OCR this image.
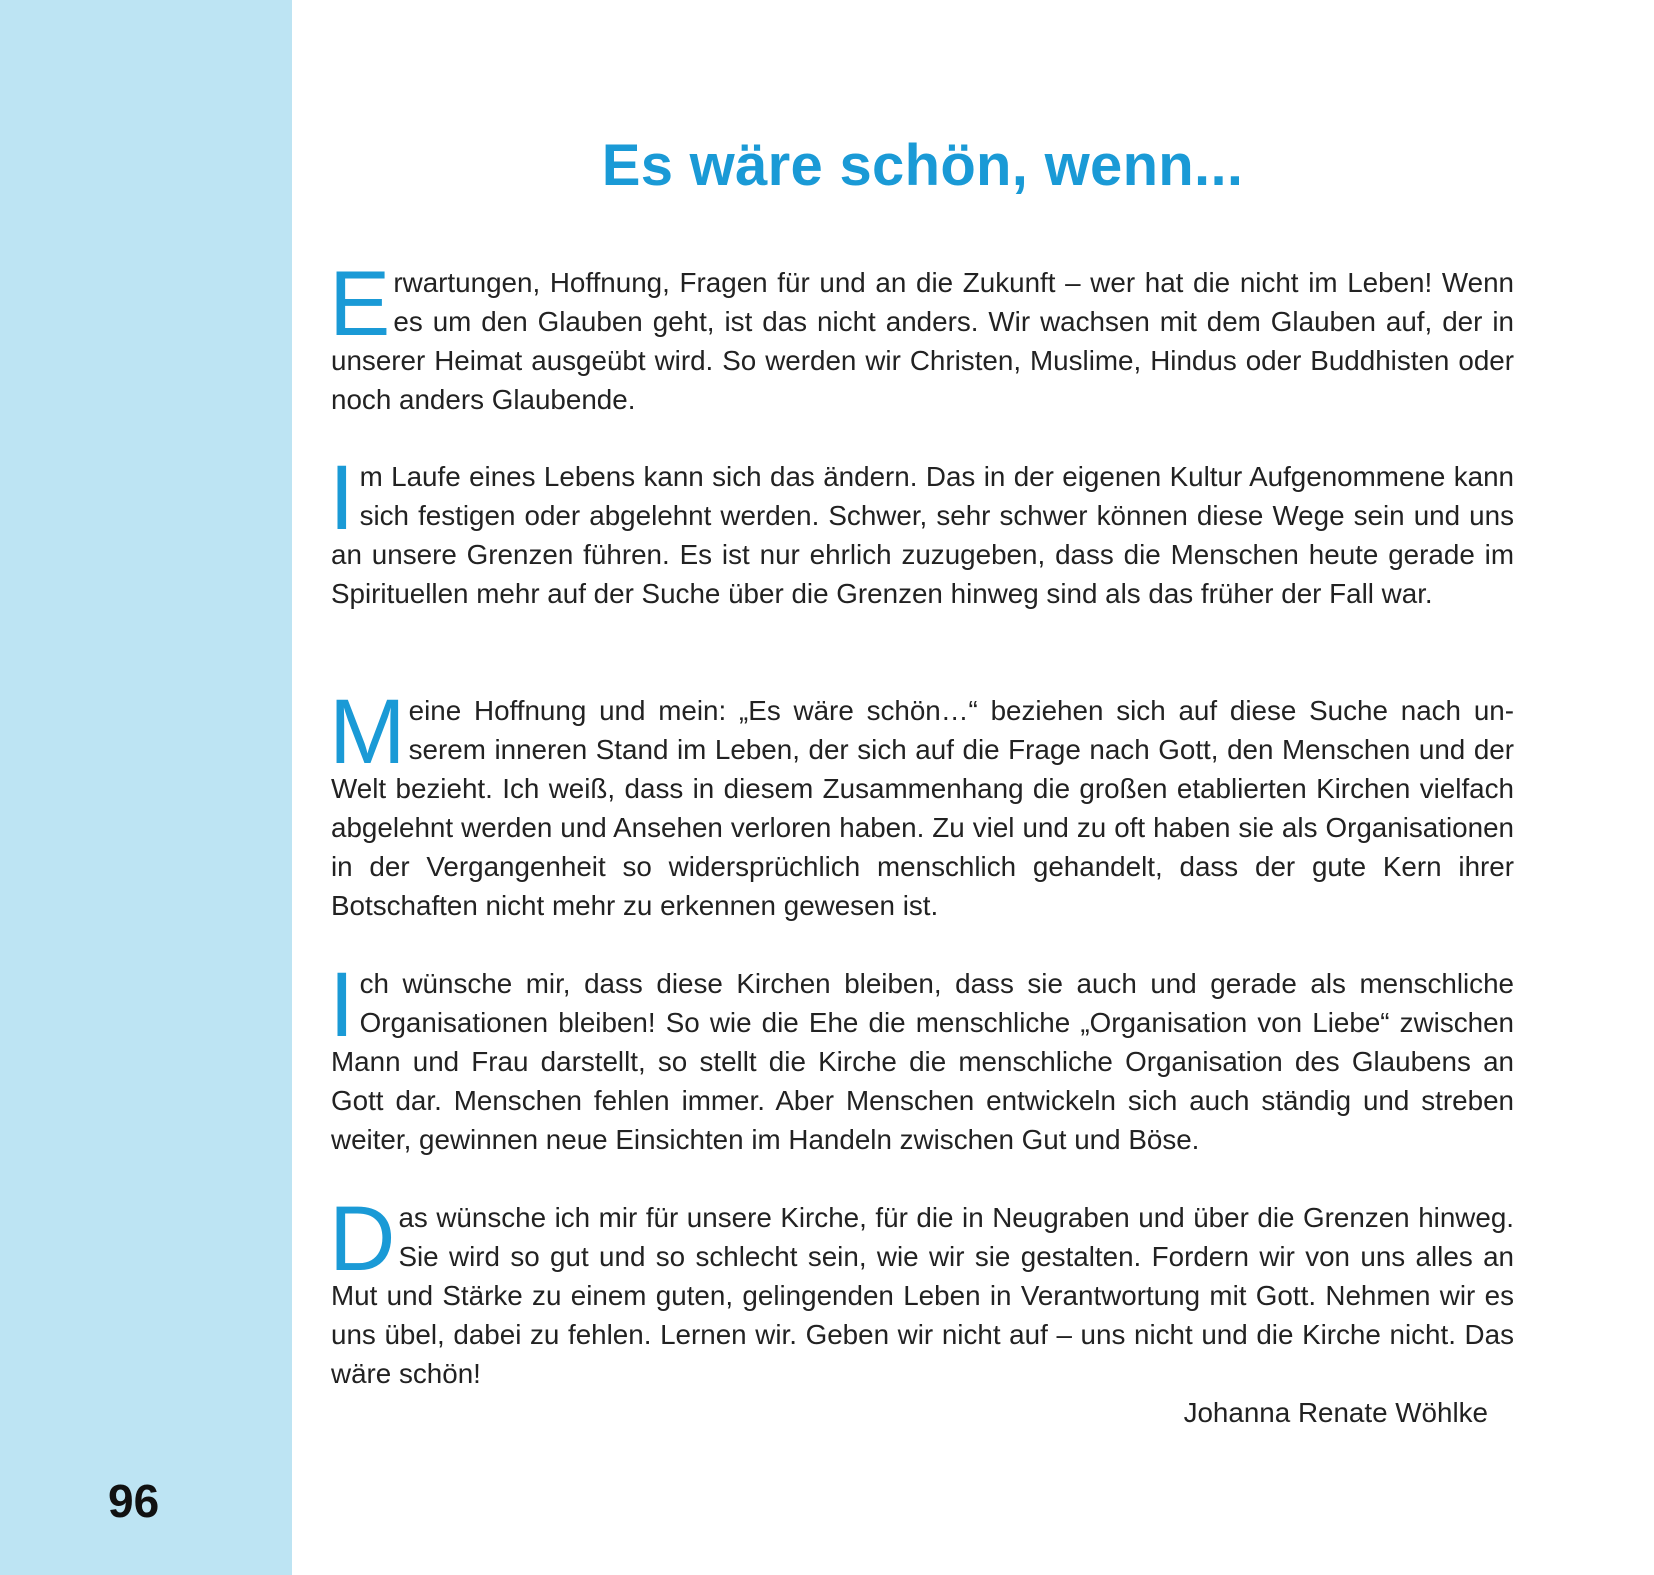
96
Es wäre schön, wenn...

Erwartungen, Hoffnung, Fragen für und an die Zukunft – wer hat die nicht im Leben! Wenn es um den Glauben geht, ist das nicht anders. Wir wachsen mit dem Glauben auf, der in unserer Heimat ausgeübt wird. So werden wir Christen, Muslime, Hindus oder Buddhisten oder noch anders Glaubende.

Im Laufe eines Lebens kann sich das ändern. Das in der eigenen Kultur Aufgenommene kann sich festigen oder abgelehnt werden. Schwer, sehr schwer können diese Wege sein und uns an unsere Grenzen führen. Es ist nur ehrlich zuzugeben, dass die Menschen heute gerade im Spirituellen mehr auf der Suche über die Grenzen hinweg sind als das früher der Fall war.

Meine Hoffnung und mein: „Es wäre schön…“ beziehen sich auf diese Suche nach unserem inneren Stand im Leben, der sich auf die Frage nach Gott, den Menschen und der Welt bezieht. Ich weiß, dass in diesem Zusammenhang die großen etablierten Kirchen vielfach abgelehnt werden und Ansehen verloren haben. Zu viel und zu oft haben sie als Organisationen in der Vergangenheit so widersprüchlich menschlich gehandelt, dass der gute Kern ihrer Botschaften nicht mehr zu erkennen gewesen ist.

Ich wünsche mir, dass diese Kirchen bleiben, dass sie auch und gerade als menschliche Organisationen bleiben! So wie die Ehe die menschliche „Organisation von Liebe“ zwischen Mann und Frau darstellt, so stellt die Kirche die menschliche Organisation des Glaubens an Gott dar. Menschen fehlen immer. Aber Menschen entwickeln sich auch ständig und streben weiter, gewinnen neue Einsichten im Handeln zwischen Gut und Böse.

Das wünsche ich mir für unsere Kirche, für die in Neugraben und über die Grenzen hinweg. Sie wird so gut und so schlecht sein, wie wir sie gestalten. Fordern wir von uns alles an Mut und Stärke zu einem guten, gelingenden Leben in Verantwortung mit Gott. Nehmen wir es uns übel, dabei zu fehlen. Lernen wir. Geben wir nicht auf – uns nicht und die Kirche nicht. Das wäre schön!

Johanna Renate Wöhlke
